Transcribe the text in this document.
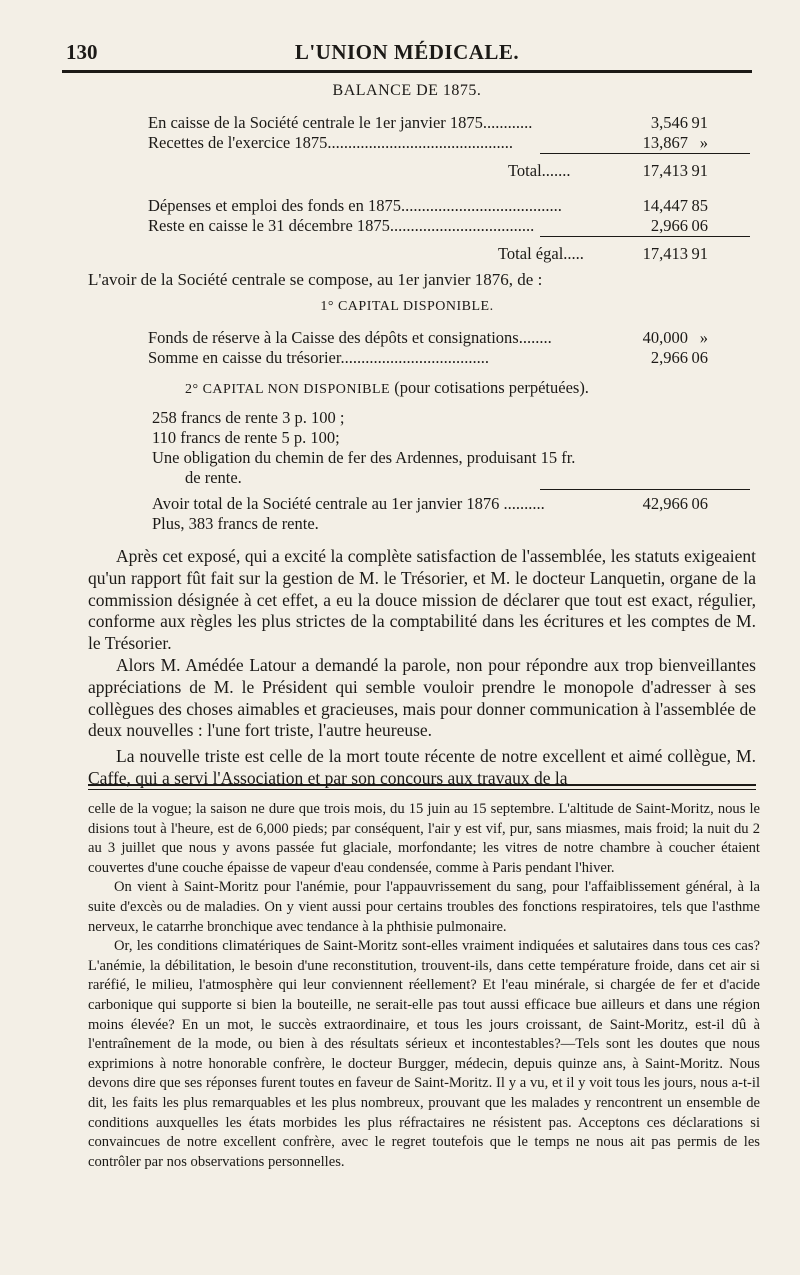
130	L'UNION MÉDICALE.
BALANCE DE 1875.
En caisse de la Société centrale le 1er janvier 1875............	3,546 91
Recettes de l'exercice 1875.............................................	13,867 »
Total.......	17,413 91
Dépenses et emploi des fonds en 1875.......................................	14,447 85
Reste en caisse le 31 décembre 1875...................................	2,966 06
Total égal.....	17,413 91
L'avoir de la Société centrale se compose, au 1er janvier 1876, de :
1° CAPITAL DISPONIBLE.
Fonds de réserve à la Caisse des dépôts et consignations........	40,000 »
Somme en caisse du trésorier....................................	2,966 06
2° CAPITAL NON DISPONIBLE (pour cotisations perpétuées).
258 francs de rente 3 p. 100 ;
110 francs de rente 5 p. 100;
Une obligation du chemin de fer des Ardennes, produisant 15 fr.
de rente.
Avoir total de la Société centrale au 1er janvier 1876 ..........	42,966 06
Plus, 383 francs de rente.

Après cet exposé, qui a excité la complète satisfaction de l'assemblée, les statuts exigeaient qu'un rapport fût fait sur la gestion de M. le Trésorier, et M. le docteur Lanquetin, organe de la commission désignée à cet effet, a eu la douce mission de déclarer que tout est exact, régulier, conforme aux règles les plus strictes de la comptabilité dans les écritures et les comptes de M. le Trésorier.

Alors M. Amédée Latour a demandé la parole, non pour répondre aux trop bienveillantes appréciations de M. le Président qui semble vouloir prendre le monopole d'adresser à ses collègues des choses aimables et gracieuses, mais pour donner communication à l'assemblée de deux nouvelles : l'une fort triste, l'autre heureuse.

La nouvelle triste est celle de la mort toute récente de notre excellent et aimé collègue, M. Caffe, qui a servi l'Association et par son concours aux travaux de la

celle de la vogue; la saison ne dure que trois mois, du 15 juin au 15 septembre. L'altitude de Saint-Moritz, nous le disions tout à l'heure, est de 6,000 pieds; par conséquent, l'air y est vif, pur, sans miasmes, mais froid; la nuit du 2 au 3 juillet que nous y avons passée fut glaciale, morfondante; les vitres de notre chambre à coucher étaient couvertes d'une couche épaisse de vapeur d'eau condensée, comme à Paris pendant l'hiver.

On vient à Saint-Moritz pour l'anémie, pour l'appauvrissement du sang, pour l'affaiblissement général, à la suite d'excès ou de maladies. On y vient aussi pour certains troubles des fonctions respiratoires, tels que l'asthme nerveux, le catarrhe bronchique avec tendance à la phthisie pulmonaire.

Or, les conditions climatériques de Saint-Moritz sont-elles vraiment indiquées et salutaires dans tous ces cas? L'anémie, la débilitation, le besoin d'une reconstitution, trouvent-ils, dans cette température froide, dans cet air si raréfié, le milieu, l'atmosphère qui leur conviennent réellement? Et l'eau minérale, si chargée de fer et d'acide carbonique qui supporte si bien la bouteille, ne serait-elle pas tout aussi efficace bue ailleurs et dans une région moins élevée? En un mot, le succès extraordinaire, et tous les jours croissant, de Saint-Moritz, est-il dû à l'entraînement de la mode, ou bien à des résultats sérieux et incontestables?—Tels sont les doutes que nous exprimions à notre honorable confrère, le docteur Burgger, médecin, depuis quinze ans, à Saint-Moritz. Nous devons dire que ses réponses furent toutes en faveur de Saint-Moritz. Il y a vu, et il y voit tous les jours, nous a-t-il dit, les faits les plus remarquables et les plus nombreux, prouvant que les malades y rencontrent un ensemble de conditions auxquelles les états morbides les plus réfractaires ne résistent pas. Acceptons ces déclarations si convaincues de notre excellent confrère, avec le regret toutefois que le temps ne nous ait pas permis de les contrôler par nos observations personnelles.
